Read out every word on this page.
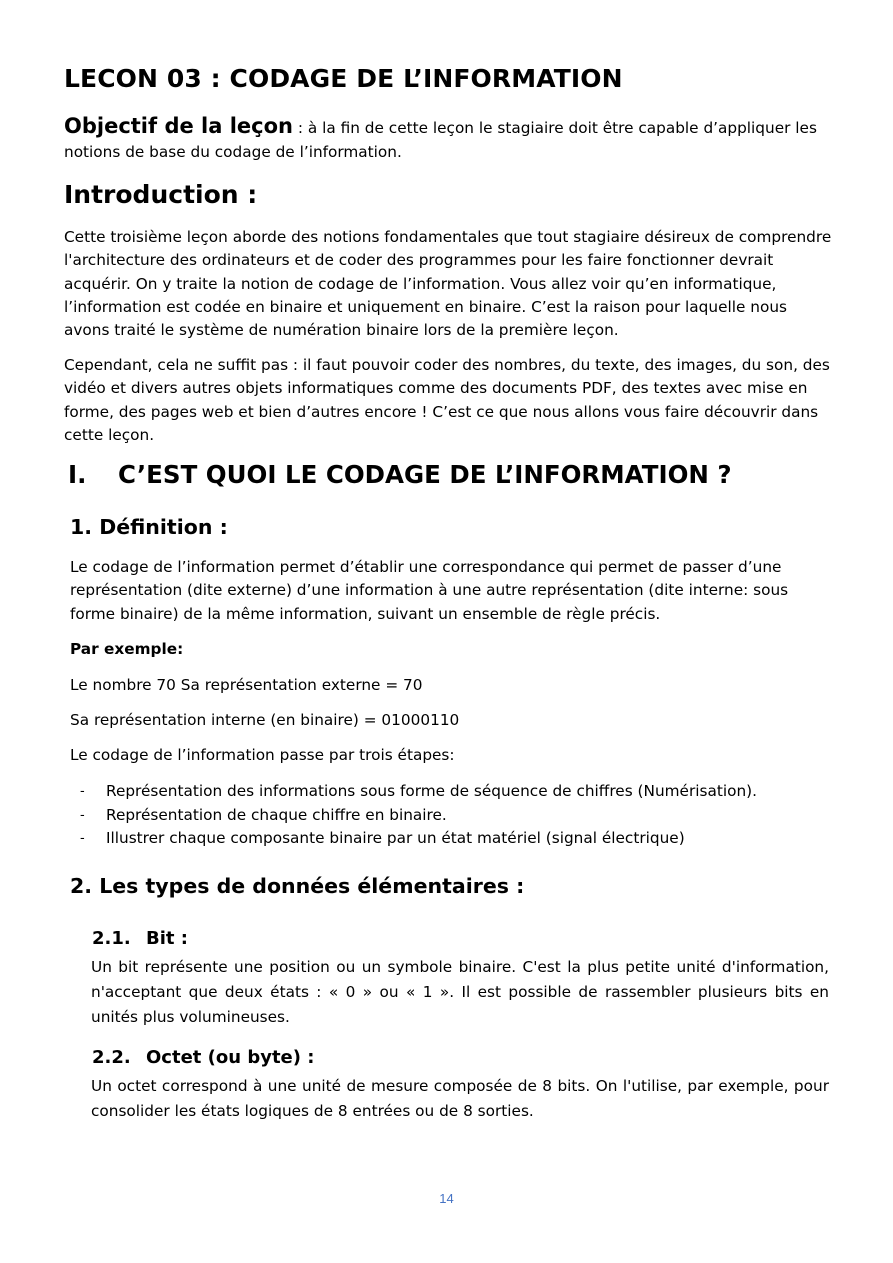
LECON 03 : CODAGE DE L’INFORMATION
Objectif de la leçon : à la fin de cette leçon le stagiaire doit être capable d’appliquer les notions de base du codage de l’information.
Introduction :
Cette troisième leçon aborde des notions fondamentales que tout stagiaire désireux de comprendre l'architecture des ordinateurs et de coder des programmes pour les faire fonctionner devrait acquérir. On y traite la notion de codage de l’information. Vous allez voir qu’en informatique, l’information est codée en binaire et uniquement en binaire. C’est la raison pour laquelle nous avons traité le système de numération binaire lors de la première leçon.
Cependant, cela ne suffit pas : il faut pouvoir coder des nombres, du texte, des images, du son, des vidéo et divers autres objets informatiques comme des documents PDF, des textes avec mise en forme, des pages web et bien d’autres encore ! C’est ce que nous allons vous faire découvrir dans cette leçon.
I. C’EST QUOI LE CODAGE DE L’INFORMATION ?
1. Définition :
Le codage de l’information permet d’établir une correspondance qui permet de passer d’une représentation (dite externe) d’une information à une autre représentation (dite interne: sous forme binaire) de la même information, suivant un ensemble de règle précis.
Par exemple:
Le nombre 70 Sa représentation externe = 70
Sa représentation interne (en binaire) = 01000110
Le codage de l’information passe par trois étapes:
- Représentation des informations sous forme de séquence de chiffres (Numérisation).
- Représentation de chaque chiffre en binaire.
- Illustrer chaque composante binaire par un état matériel (signal électrique)
2. Les types de données élémentaires :
2.1. Bit :
Un bit représente une position ou un symbole binaire. C'est la plus petite unité d'information, n'acceptant que deux états : « 0 » ou « 1 ». Il est possible de rassembler plusieurs bits en unités plus volumineuses.
2.2. Octet (ou byte) :
Un octet correspond à une unité de mesure composée de 8 bits. On l'utilise, par exemple, pour consolider les états logiques de 8 entrées ou de 8 sorties.
14
